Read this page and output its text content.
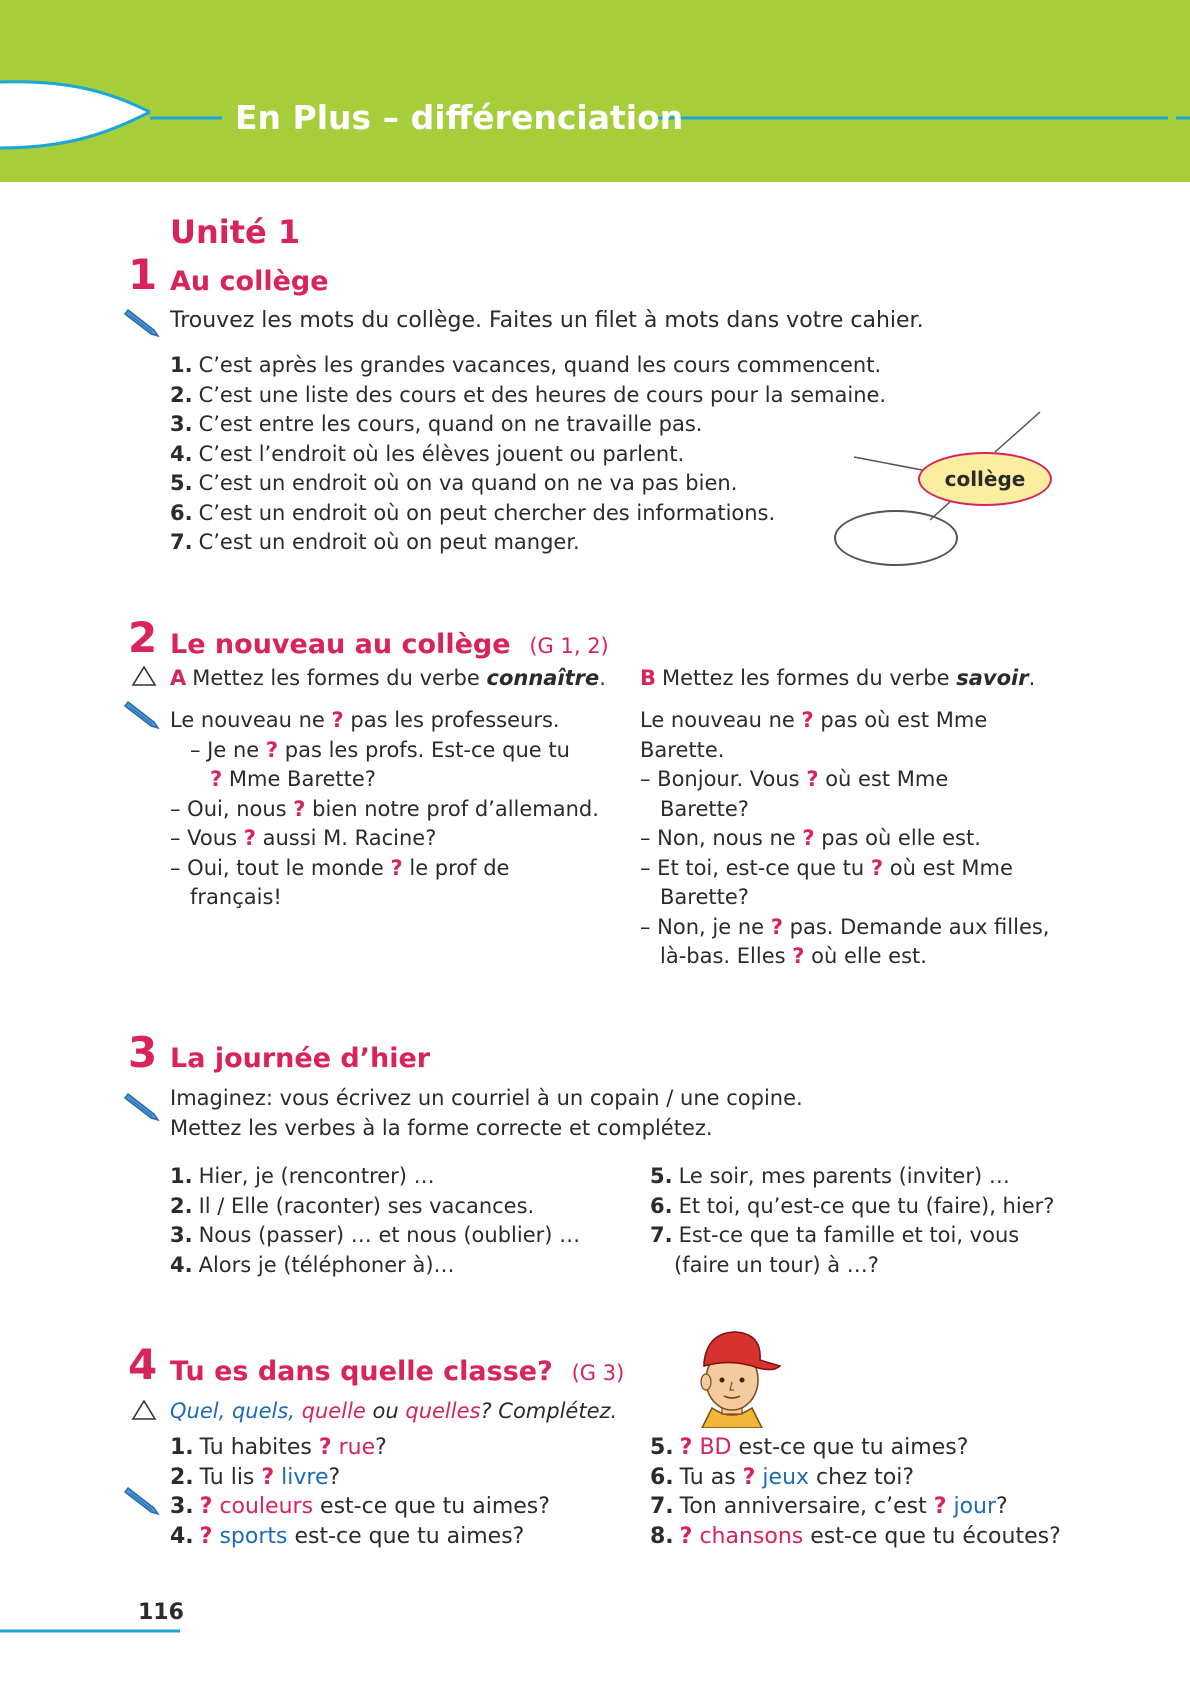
En Plus – différenciation
Unité 1
1 Au collège
Trouvez les mots du collège. Faites un filet à mots dans votre cahier.
1. C’est après les grandes vacances, quand les cours commencent.
2. C’est une liste des cours et des heures de cours pour la semaine.
3. C’est entre les cours, quand on ne travaille pas.
4. C’est l’endroit où les élèves jouent ou parlent.
5. C’est un endroit où on va quand on ne va pas bien.
6. C’est un endroit où on peut chercher des informations.
7. C’est un endroit où on peut manger.
collège
2 Le nouveau au collège (G 1, 2)
A Mettez les formes du verbe connaître. B Mettez les formes du verbe savoir.
Le nouveau ne ? pas les professeurs.
– Je ne ? pas les profs. Est-ce que tu
? Mme Barette?
– Oui, nous ? bien notre prof d’allemand.
– Vous ? aussi M. Racine?
– Oui, tout le monde ? le prof de français!
Le nouveau ne ? pas où est Mme Barette.
– Bonjour. Vous ? où est Mme Barette?
– Non, nous ne ? pas où elle est.
– Et toi, est-ce que tu ? où est Mme Barette?
– Non, je ne ? pas. Demande aux filles, là-bas. Elles ? où elle est.
3 La journée d’hier
Imaginez: vous écrivez un courriel à un copain / une copine.
Mettez les verbes à la forme correcte et complétez.
1. Hier, je (rencontrer) …
2. Il / Elle (raconter) ses vacances.
3. Nous (passer) … et nous (oublier) …
4. Alors je (téléphoner à)…
5. Le soir, mes parents (inviter) …
6. Et toi, qu’est-ce que tu (faire), hier?
7. Est-ce que ta famille et toi, vous (faire un tour) à …?
4 Tu es dans quelle classe? (G 3)
Quel, quels, quelle ou quelles? Complétez.
1. Tu habites ? rue?
2. Tu lis ? livre?
3. ? couleurs est-ce que tu aimes?
4. ? sports est-ce que tu aimes?
5. ? BD est-ce que tu aimes?
6. Tu as ? jeux chez toi?
7. Ton anniversaire, c’est ? jour?
8. ? chansons est-ce que tu écoutes?
116
